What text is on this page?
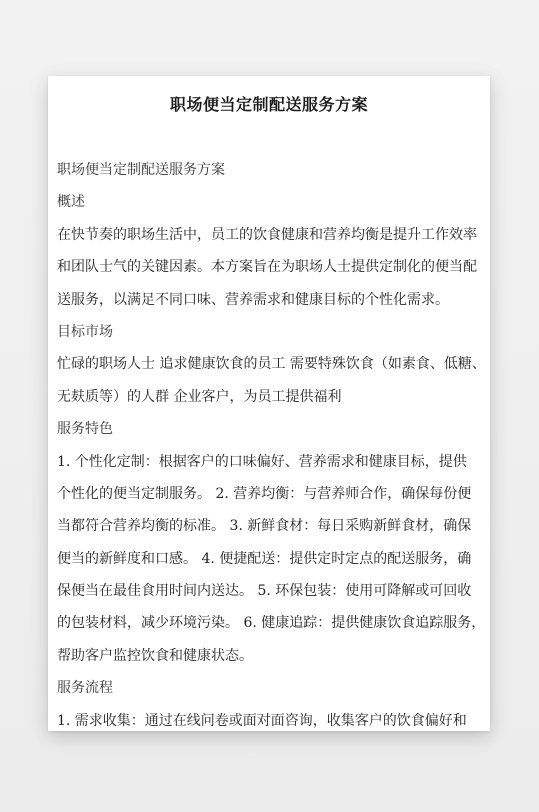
职场便当定制配送服务方案
职场便当定制配送服务方案
概述
在快节奏的职场生活中，员工的饮食健康和营养均衡是提升工作效率
和团队士气的关键因素。本方案旨在为职场人士提供定制化的便当配
送服务，以满足不同口味、营养需求和健康目标的个性化需求。
目标市场
忙碌的职场人士 追求健康饮食的员工 需要特殊饮食（如素食、低糖、
无麸质等）的人群 企业客户，为员工提供福利
服务特色
1. 个性化定制：根据客户的口味偏好、营养需求和健康目标，提供
个性化的便当定制服务。 2. 营养均衡：与营养师合作，确保每份便
当都符合营养均衡的标准。 3. 新鲜食材：每日采购新鲜食材，确保
便当的新鲜度和口感。 4. 便捷配送：提供定时定点的配送服务，确
保便当在最佳食用时间内送达。 5. 环保包装：使用可降解或可回收
的包装材料，减少环境污染。 6. 健康追踪：提供健康饮食追踪服务，
帮助客户监控饮食和健康状态。
服务流程
1. 需求收集：通过在线问卷或面对面咨询，收集客户的饮食偏好和
